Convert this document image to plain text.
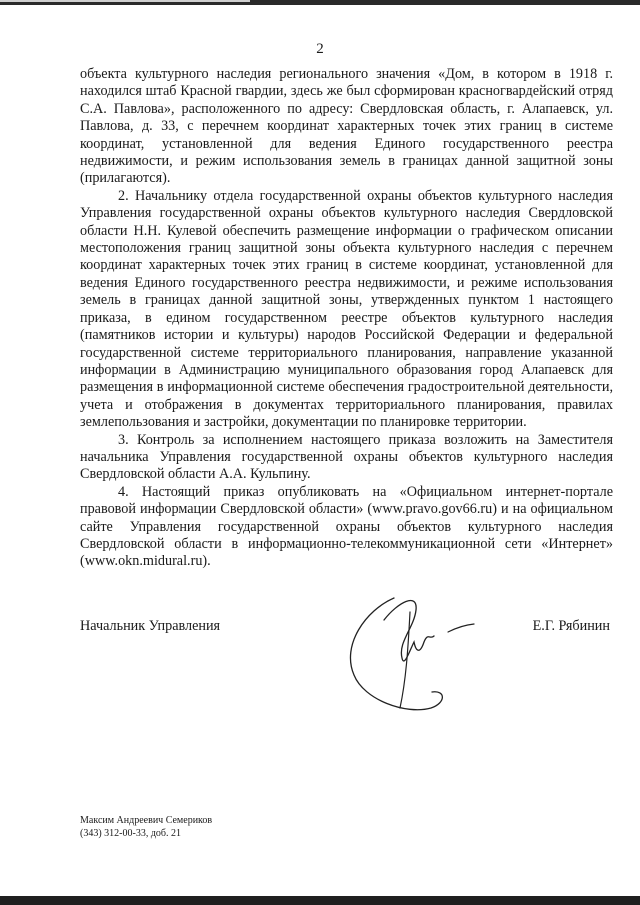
2

объекта культурного наследия регионального значения «Дом, в котором в 1918 г. находился штаб Красной гвардии, здесь же был сформирован красногвардейский отряд С.А. Павлова», расположенного по адресу: Свердловская область, г. Алапаевск, ул. Павлова, д. 33, с перечнем координат характерных точек этих границ в системе координат, установленной для ведения Единого государственного реестра недвижимости, и режим использования земель в границах данной защитной зоны (прилагаются).

2. Начальнику отдела государственной охраны объектов культурного наследия Управления государственной охраны объектов культурного наследия Свердловской области Н.Н. Кулевой обеспечить размещение информации о графическом описании местоположения границ защитной зоны объекта культурного наследия с перечнем координат характерных точек этих границ в системе координат, установленной для ведения Единого государственного реестра недвижимости, и режиме использования земель в границах данной защитной зоны, утвержденных пунктом 1 настоящего приказа, в едином государственном реестре объектов культурного наследия (памятников истории и культуры) народов Российской Федерации и федеральной государственной системе территориального планирования, направление указанной информации в Администрацию муниципального образования город Алапаевск для размещения в информационной системе обеспечения градостроительной деятельности, учета и отображения в документах территориального планирования, правилах землепользования и застройки, документации по планировке территории.

3. Контроль за исполнением настоящего приказа возложить на Заместителя начальника Управления государственной охраны объектов культурного наследия Свердловской области А.А. Кульпину.

4. Настоящий приказ опубликовать на «Официальном интернет-портале правовой информации Свердловской области» (www.pravo.gov66.ru) и на официальном сайте Управления государственной охраны объектов культурного наследия Свердловской области в информационно-телекоммуникационной сети «Интернет» (www.okn.midural.ru).

Начальник Управления	Е.Г. Рябинин
Максим Андреевич Семериков
(343) 312-00-33, доб. 21
